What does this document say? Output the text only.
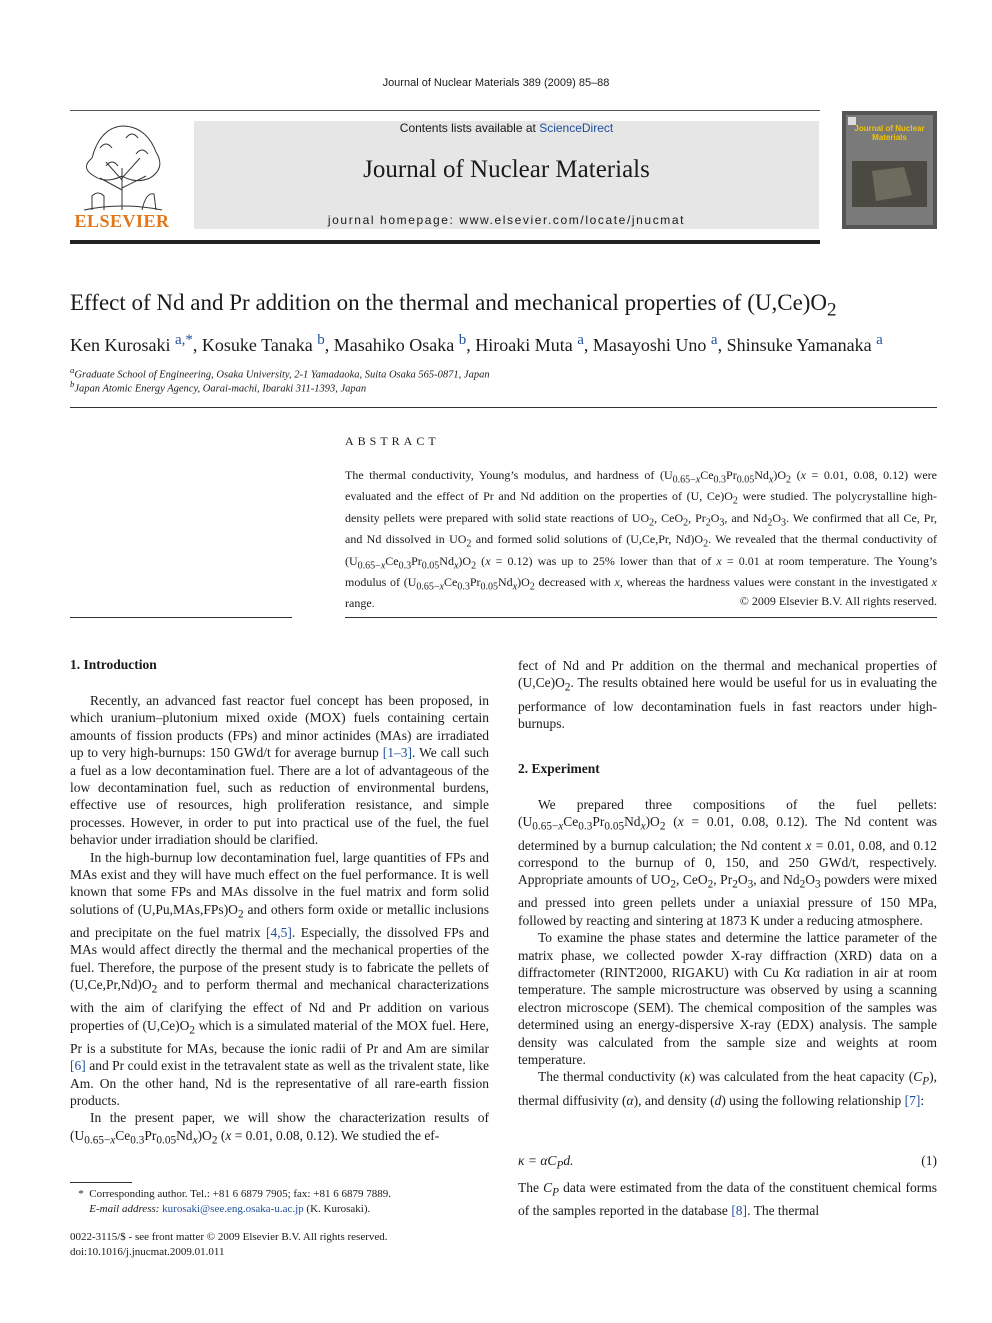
Journal of Nuclear Materials 389 (2009) 85–88
ELSEVIER
Contents lists available at ScienceDirect
Journal of Nuclear Materials
journal homepage: www.elsevier.com/locate/jnucmat
Journal of Nuclear Materials
Effect of Nd and Pr addition on the thermal and mechanical properties of $(U,Ce)O_2$
Ken Kurosaki $^{a,*}$, Kosuke Tanaka $^b$, Masahiko Osaka $^b$, Hiroaki Muta $^a$, Masayoshi Uno $^a$, Shinsuke Yamanaka $^a$
$^a$Graduate School of Engineering, Osaka University, 2-1 Yamadaoka, Suita Osaka 565-0871, Japan
$^b$Japan Atomic Energy Agency, Oarai-machi, Ibaraki 311-1393, Japan
ABSTRACT
The thermal conductivity, Young’s modulus, and hardness of $(U_{0.65-x}Ce_{0.3}Pr_{0.05}Nd_x)O_2$ (x = 0.01, 0.08, 0.12) were evaluated and the effect of Pr and Nd addition on the properties of (U, $Ce)O_2$ were studied. The polycrystalline high-density pellets were prepared with solid state reactions of $UO_2$, CeO$_2$, $Pr_2O_3$, and $Nd_2O_3$. We confirmed that all Ce, Pr, and Nd dissolved in $UO_2$ and formed solid solutions of (U,Ce,Pr, $Nd)O_2$. We revealed that the thermal conductivity of $(U_{0.65-x}Ce_{0.3}Pr_{0.05}Nd_x)O_2$ (x = 0.12) was up to 25% lower than that of x = 0.01 at room temperature. The Young’s modulus of $(U_{0.65-x}Ce_{0.3}Pr_{0.05}Nd_x)O_2$ decreased with x, whereas the hardness values were constant in the investigated x range.	© 2009 Elsevier B.V. All rights reserved.
1. Introduction

Recently, an advanced fast reactor fuel concept has been proposed, in which uranium–plutonium mixed oxide (MOX) fuels containing certain amounts of fission products (FPs) and minor actinides (MAs) are irradiated up to very high-burnups: 150 GWd/t for average burnup [1–3]. We call such a fuel as a low decontamination fuel. There are a lot of advantageous of the low decontamination fuel, such as reduction of environmental burdens, effective use of resources, high proliferation resistance, and simple processes. However, in order to put into practical use of the fuel, the fuel behavior under irradiation should be clarified.

In the high-burnup low decontamination fuel, large quantities of FPs and MAs exist and they will have much effect on the fuel performance. It is well known that some FPs and MAs dissolve in the fuel matrix and form solid solutions of $(U,Pu,MAs,FPs)O_2$ and others form oxide or metallic inclusions and precipitate on the fuel matrix [4,5]. Especially, the dissolved FPs and MAs would affect directly the thermal and the mechanical properties of the fuel. Therefore, the purpose of the present study is to fabricate the pellets of $(U,Ce,Pr,Nd)O_2$ and to perform thermal and mechanical characterizations with the aim of clarifying the effect of Nd and Pr addition on various properties of $(U,Ce)O_2$ which is a simulated material of the MOX fuel. Here, Pr is a substitute for MAs, because the ionic radii of Pr and Am are similar [6] and Pr could exist in the tetravalent state as well as the trivalent state, like Am. On the other hand, Nd is the representative of all rare-earth fission products.

In the present paper, we will show the characterization results of $(U_{0.65-x}Ce_{0.3}Pr_{0.05}Nd_x)O_2$ (x = 0.01, 0.08, 0.12). We studied the ef-

fect of Nd and Pr addition on the thermal and mechanical properties of $(U,Ce)O_2$. The results obtained here would be useful for us in evaluating the performance of low decontamination fuels in fast reactors under high-burnups.

2. Experiment

We prepared three compositions of the fuel pellets: $(U_{0.65-x}Ce_{0.3}Pr_{0.05}Nd_x)O_2$ (x = 0.01, 0.08, 0.12). The Nd content was determined by a burnup calculation; the Nd content x = 0.01, 0.08, and 0.12 correspond to the burnup of 0, 150, and 250 GWd/t, respectively. Appropriate amounts of $UO_2$, CeO$_2$, $Pr_2O_3$, and $Nd_2O_3$ powders were mixed and pressed into green pellets under a uniaxial pressure of 150 MPa, followed by reacting and sintering at 1873 K under a reducing atmosphere.

To examine the phase states and determine the lattice parameter of the matrix phase, we collected powder X-ray diffraction (XRD) data on a diffractometer (RINT2000, RIGAKU) with Cu Kα radiation in air at room temperature. The sample microstructure was observed by using a scanning electron microscope (SEM). The chemical composition of the samples was determined using an energy-dispersive X-ray (EDX) analysis. The sample density was calculated from the sample size and weights at room temperature.

The thermal conductivity (κ) was calculated from the heat capacity $(C_P)$, thermal diffusivity (α), and density (d) using the following relationship [7]:

$\kappa = \alpha C_Pd$.	(1)

The $C_P$ data were estimated from the data of the constituent chemical forms of the samples reported in the database [8]. The thermal

*  Corresponding author. Tel.: +81 6 6879 7905; fax: +81 6 6879 7889.
E-mail address: kurosaki@see.eng.osaka-u.ac.jp (K. Kurosaki).
0022-3115/$ - see front matter © 2009 Elsevier B.V. All rights reserved.
doi:10.1016/j.jnucmat.2009.01.011
